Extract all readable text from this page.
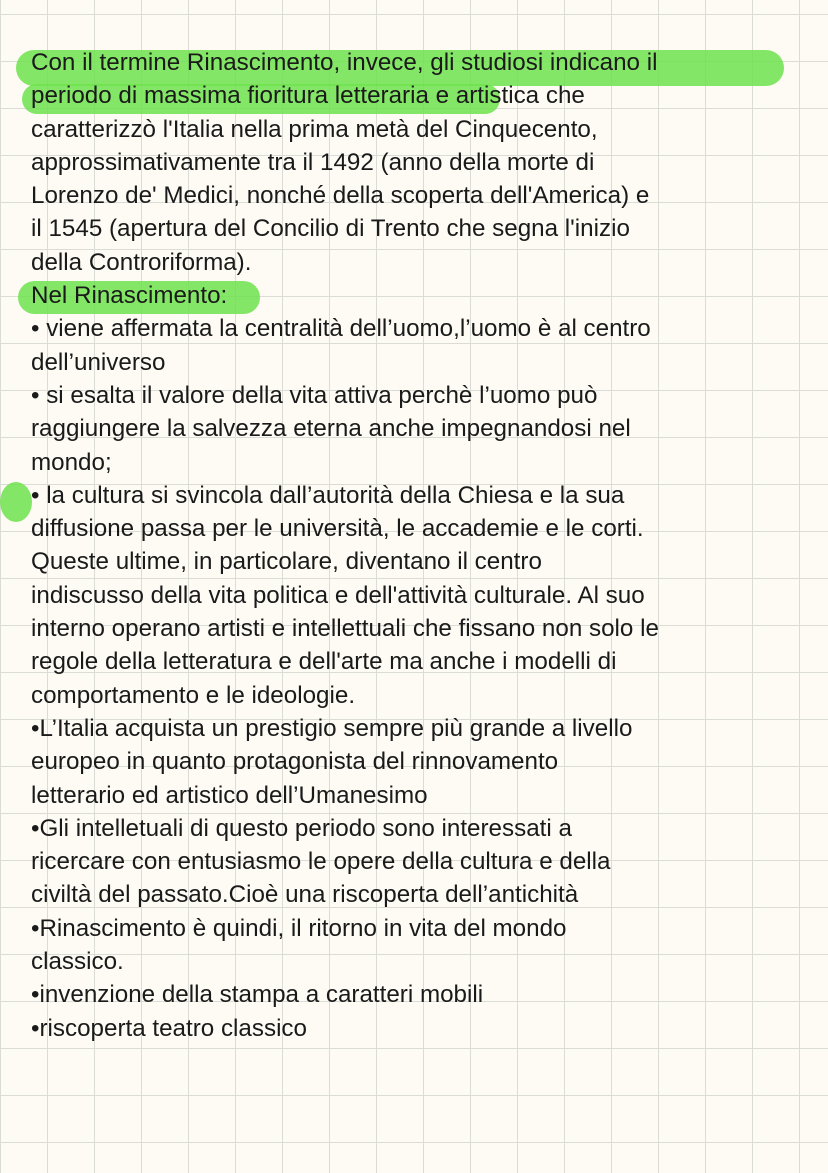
Con il termine Rinascimento, invece, gli studiosi indicano il
periodo di massima fioritura letteraria e artistica che
caratterizzò l'Italia nella prima metà del Cinquecento,
approssimativamente tra il 1492 (anno della morte di
Lorenzo de' Medici, nonché della scoperta dell'America) e
il 1545 (apertura del Concilio di Trento che segna l'inizio
della Controriforma).
Nel Rinascimento:
• viene affermata la centralità dell’uomo,l’uomo è al centro
dell’universo
• si esalta il valore della vita attiva perchè l’uomo può
raggiungere la salvezza eterna anche impegnandosi nel
mondo;
• la cultura si svincola dall’autorità della Chiesa e la sua
diffusione passa per le università, le accademie e le corti.
Queste ultime, in particolare, diventano il centro
indiscusso della vita politica e dell'attività culturale. Al suo
interno operano artisti e intellettuali che fissano non solo le
regole della letteratura e dell'arte ma anche i modelli di
comportamento e le ideologie.
•L’Italia acquista un prestigio sempre più grande a livello
europeo in quanto protagonista del rinnovamento
letterario ed artistico dell’Umanesimo
•Gli intelletuali di questo periodo sono interessati a
ricercare con entusiasmo le opere della cultura e della
civiltà del passato.Cioè una riscoperta dell’antichità
•Rinascimento è quindi, il ritorno in vita del mondo
classico.
•invenzione della stampa a caratteri mobili
•riscoperta teatro classico
